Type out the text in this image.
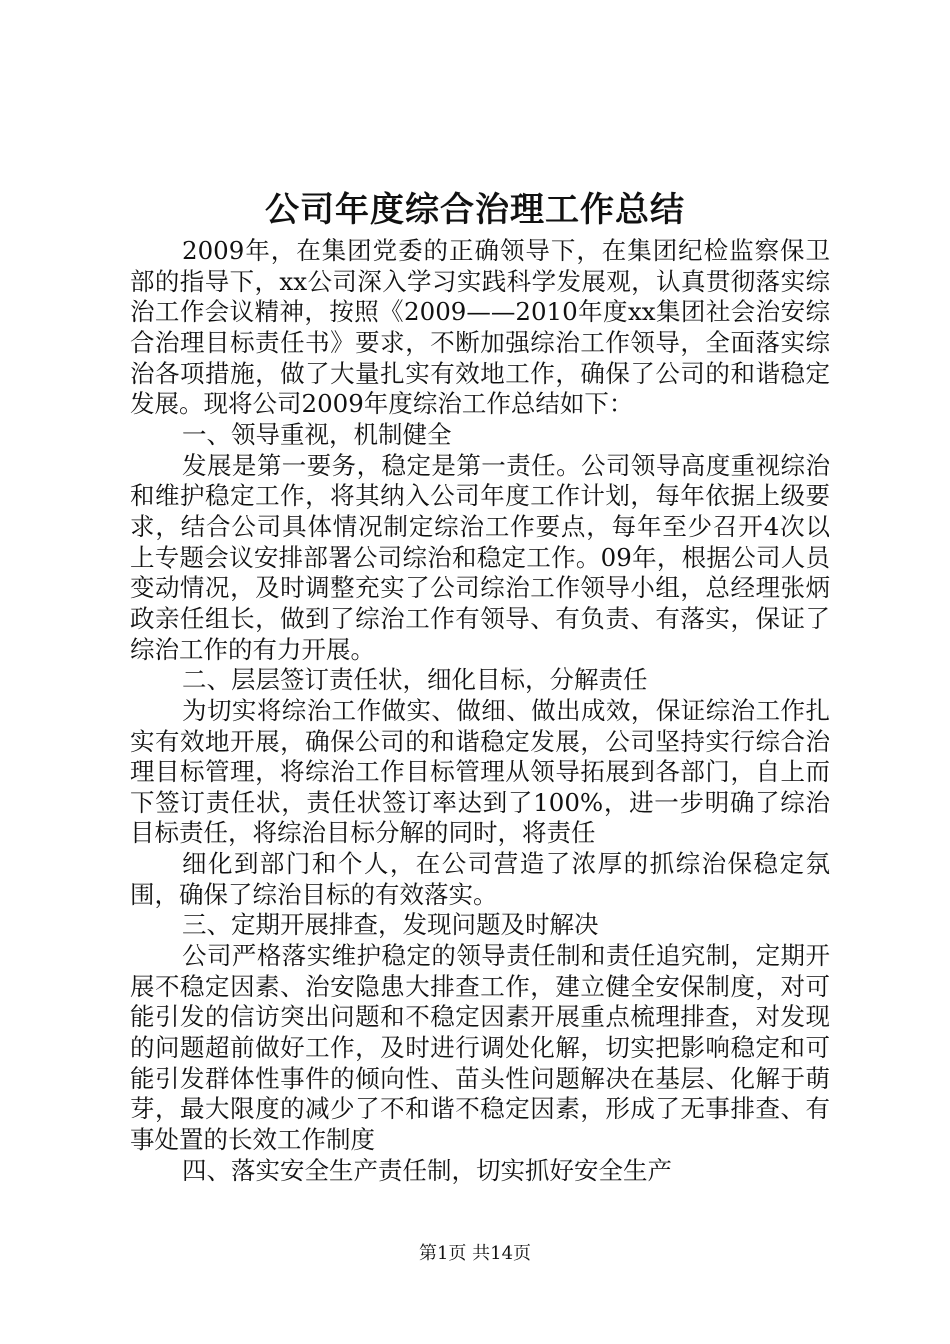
公司年度综合治理工作总结

2009年，在集团党委的正确领导下，在集团纪检监察保卫部的指导下，xx公司深入学习实践科学发展观，认真贯彻落实综治工作会议精神，按照《2009——2010年度xx集团社会治安综合治理目标责任书》要求，不断加强综治工作领导，全面落实综治各项措施，做了大量扎实有效地工作，确保了公司的和谐稳定发展。现将公司2009年度综治工作总结如下：

一、领导重视，机制健全

发展是第一要务，稳定是第一责任。公司领导高度重视综治和维护稳定工作，将其纳入公司年度工作计划，每年依据上级要求，结合公司具体情况制定综治工作要点，每年至少召开4次以上专题会议安排部署公司综治和稳定工作。09年，根据公司人员变动情况，及时调整充实了公司综治工作领导小组，总经理张炳政亲任组长，做到了综治工作有领导、有负责、有落实，保证了综治工作的有力开展。

二、层层签订责任状，细化目标，分解责任

为切实将综治工作做实、做细、做出成效，保证综治工作扎实有效地开展，确保公司的和谐稳定发展，公司坚持实行综合治理目标管理，将综治工作目标管理从领导拓展到各部门，自上而下签订责任状，责任状签订率达到了100%，进一步明确了综治目标责任，将综治目标分解的同时，将责任

细化到部门和个人，在公司营造了浓厚的抓综治保稳定氛围，确保了综治目标的有效落实。

三、定期开展排查，发现问题及时解决

公司严格落实维护稳定的领导责任制和责任追究制，定期开展不稳定因素、治安隐患大排查工作，建立健全安保制度，对可能引发的信访突出问题和不稳定因素开展重点梳理排查，对发现的问题超前做好工作，及时进行调处化解，切实把影响稳定和可能引发群体性事件的倾向性、苗头性问题解决在基层、化解于萌芽，最大限度的减少了不和谐不稳定因素，形成了无事排查、有事处置的长效工作制度

四、落实安全生产责任制，切实抓好安全生产

第1页 共14页
